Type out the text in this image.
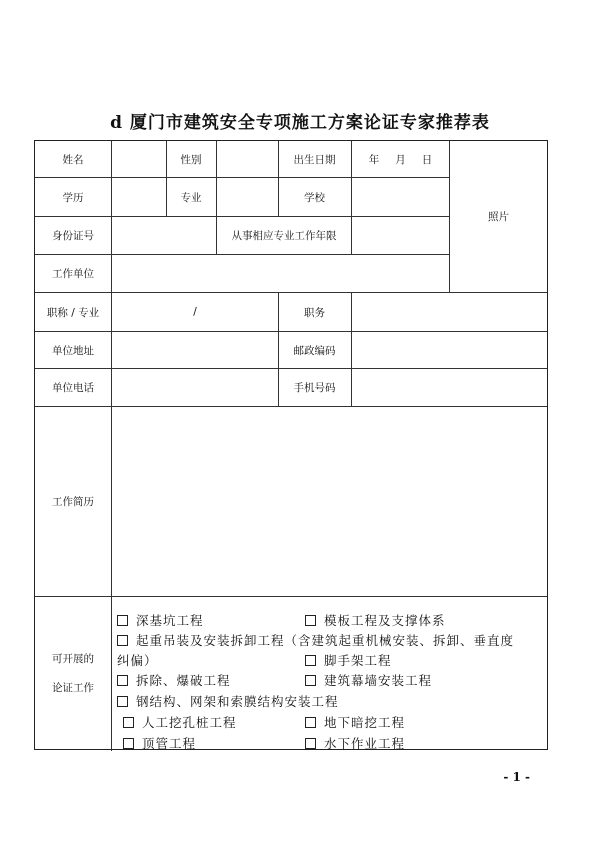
d 厦门市建筑安全专项施工方案论证专家推荐表
姓名	性别	出生日期	年 月 日
学历	专业	学校
照片
身份证号	从事相应专业工作年限
工作单位
职称 / 专业	/	职务
单位地址	邮政编码
单位电话	手机号码
工作简历
可开展的
论证工作
深基坑工程	模板工程及支撑体系
起重吊装及安装拆卸工程（含建筑起重机械安装、拆卸、垂直度
纠偏）	脚手架工程
拆除、爆破工程	建筑幕墙安装工程
钢结构、网架和索膜结构安装工程
人工挖孔桩工程	地下暗挖工程
顶管工程	水下作业工程
- 1 -
